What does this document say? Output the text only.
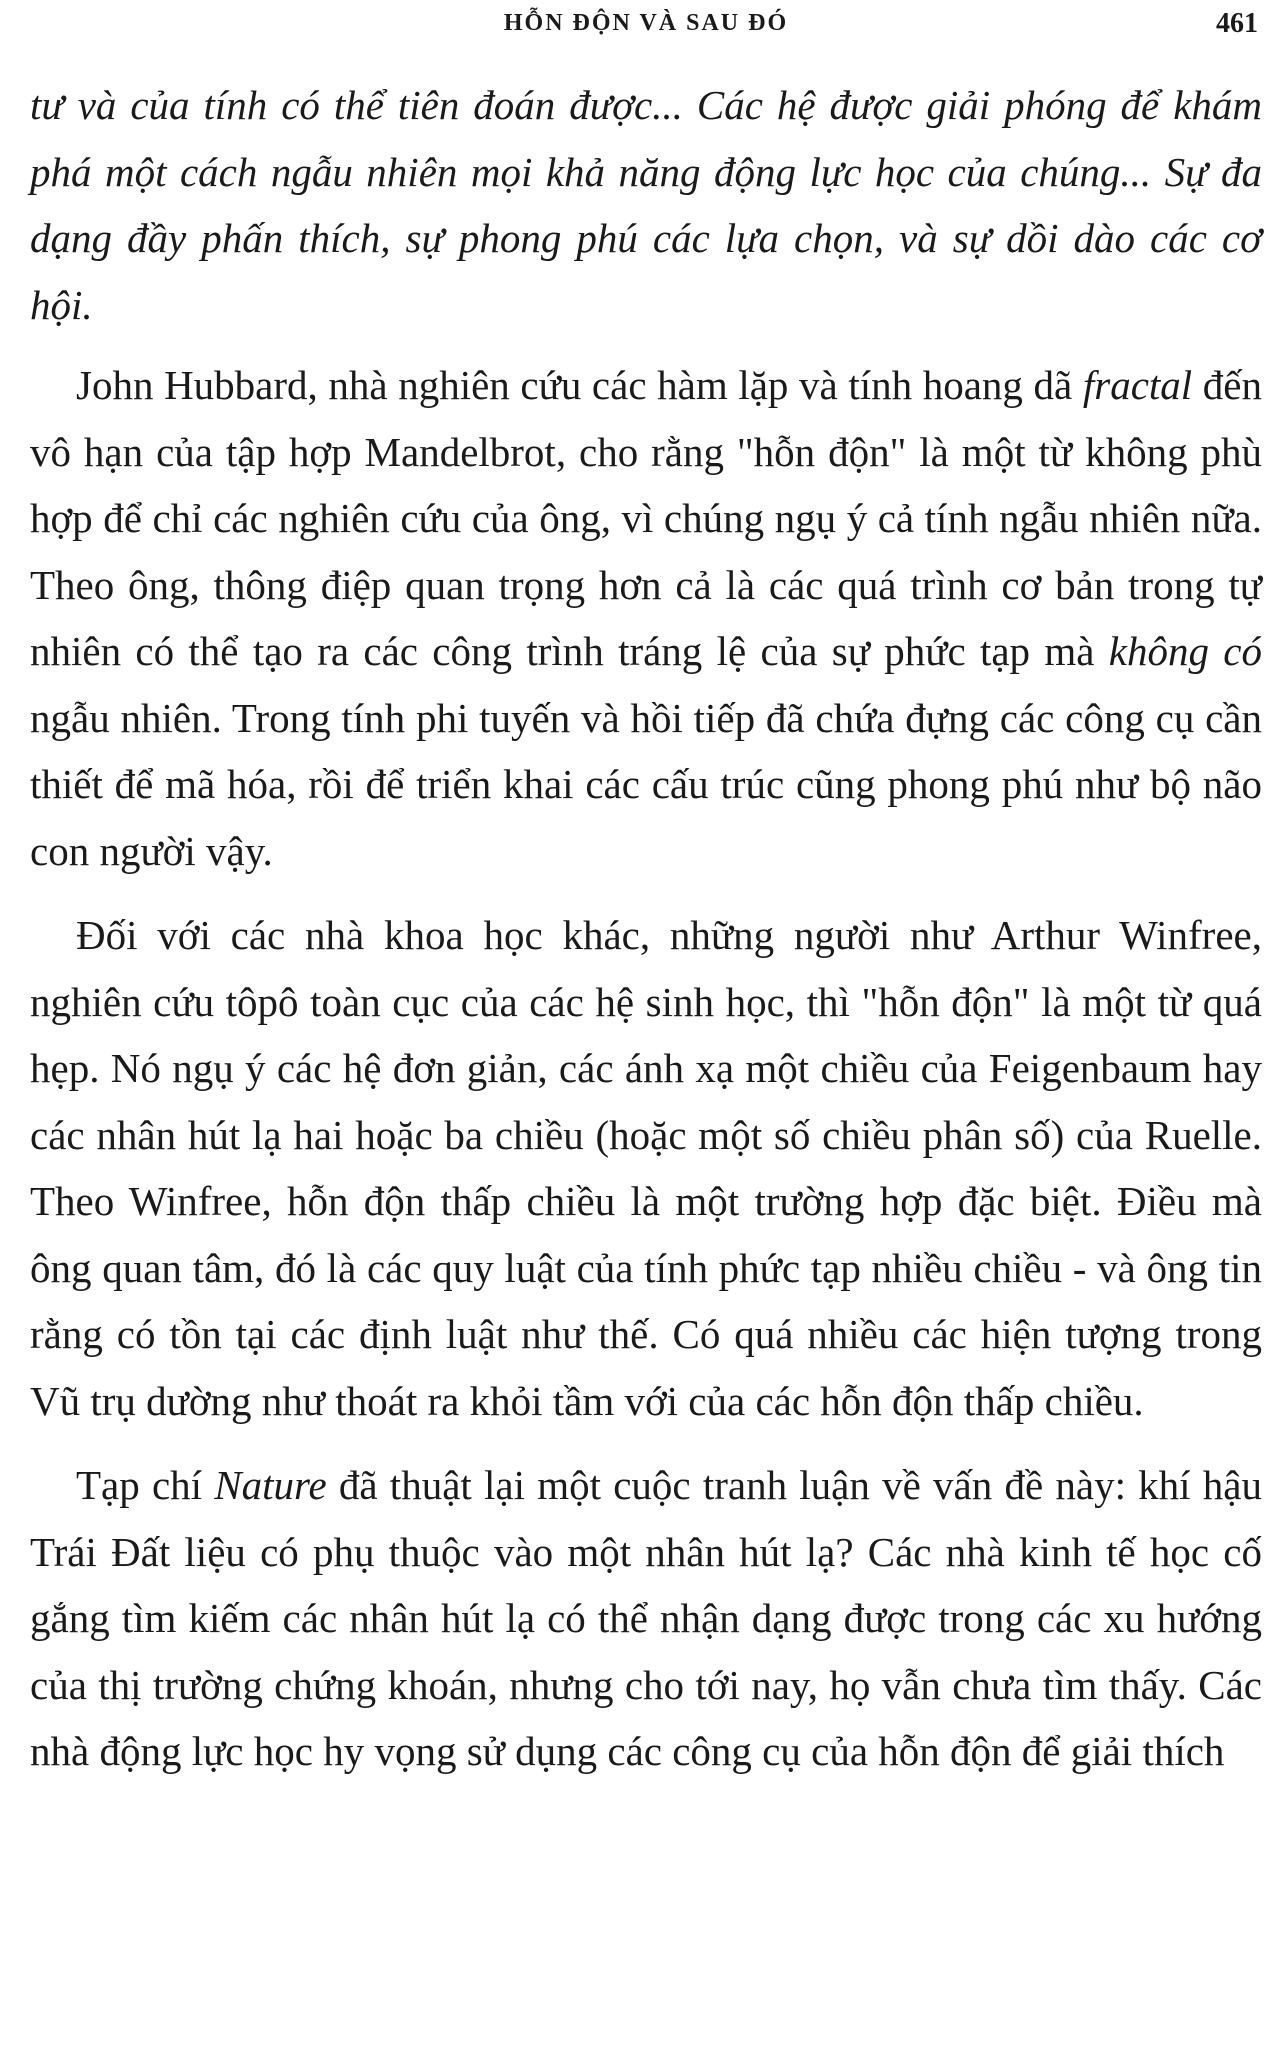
HỖN ĐỘN VÀ SAU ĐÓ	461

tư và của tính có thể tiên đoán được... Các hệ được giải phóng để khám phá một cách ngẫu nhiên mọi khả năng động lực học của chúng... Sự đa dạng đầy phấn thích, sự phong phú các lựa chọn, và sự dồi dào các cơ hội.

John Hubbard, nhà nghiên cứu các hàm lặp và tính hoang dã fractal đến vô hạn của tập hợp Mandelbrot, cho rằng "hỗn độn" là một từ không phù hợp để chỉ các nghiên cứu của ông, vì chúng ngụ ý cả tính ngẫu nhiên nữa. Theo ông, thông điệp quan trọng hơn cả là các quá trình cơ bản trong tự nhiên có thể tạo ra các công trình tráng lệ của sự phức tạp mà không có ngẫu nhiên. Trong tính phi tuyến và hồi tiếp đã chứa đựng các công cụ cần thiết để mã hóa, rồi để triển khai các cấu trúc cũng phong phú như bộ não con người vậy.

Đối với các nhà khoa học khác, những người như Arthur Winfree, nghiên cứu tôpô toàn cục của các hệ sinh học, thì "hỗn độn" là một từ quá hẹp. Nó ngụ ý các hệ đơn giản, các ánh xạ một chiều của Feigenbaum hay các nhân hút lạ hai hoặc ba chiều (hoặc một số chiều phân số) của Ruelle. Theo Winfree, hỗn độn thấp chiều là một trường hợp đặc biệt. Điều mà ông quan tâm, đó là các quy luật của tính phức tạp nhiều chiều - và ông tin rằng có tồn tại các định luật như thế. Có quá nhiều các hiện tượng trong Vũ trụ dường như thoát ra khỏi tầm với của các hỗn độn thấp chiều.

Tạp chí Nature đã thuật lại một cuộc tranh luận về vấn đề này: khí hậu Trái Đất liệu có phụ thuộc vào một nhân hút lạ? Các nhà kinh tế học cố gắng tìm kiếm các nhân hút lạ có thể nhận dạng được trong các xu hướng của thị trường chứng khoán, nhưng cho tới nay, họ vẫn chưa tìm thấy. Các nhà động lực học hy vọng sử dụng các công cụ của hỗn độn để giải thích
